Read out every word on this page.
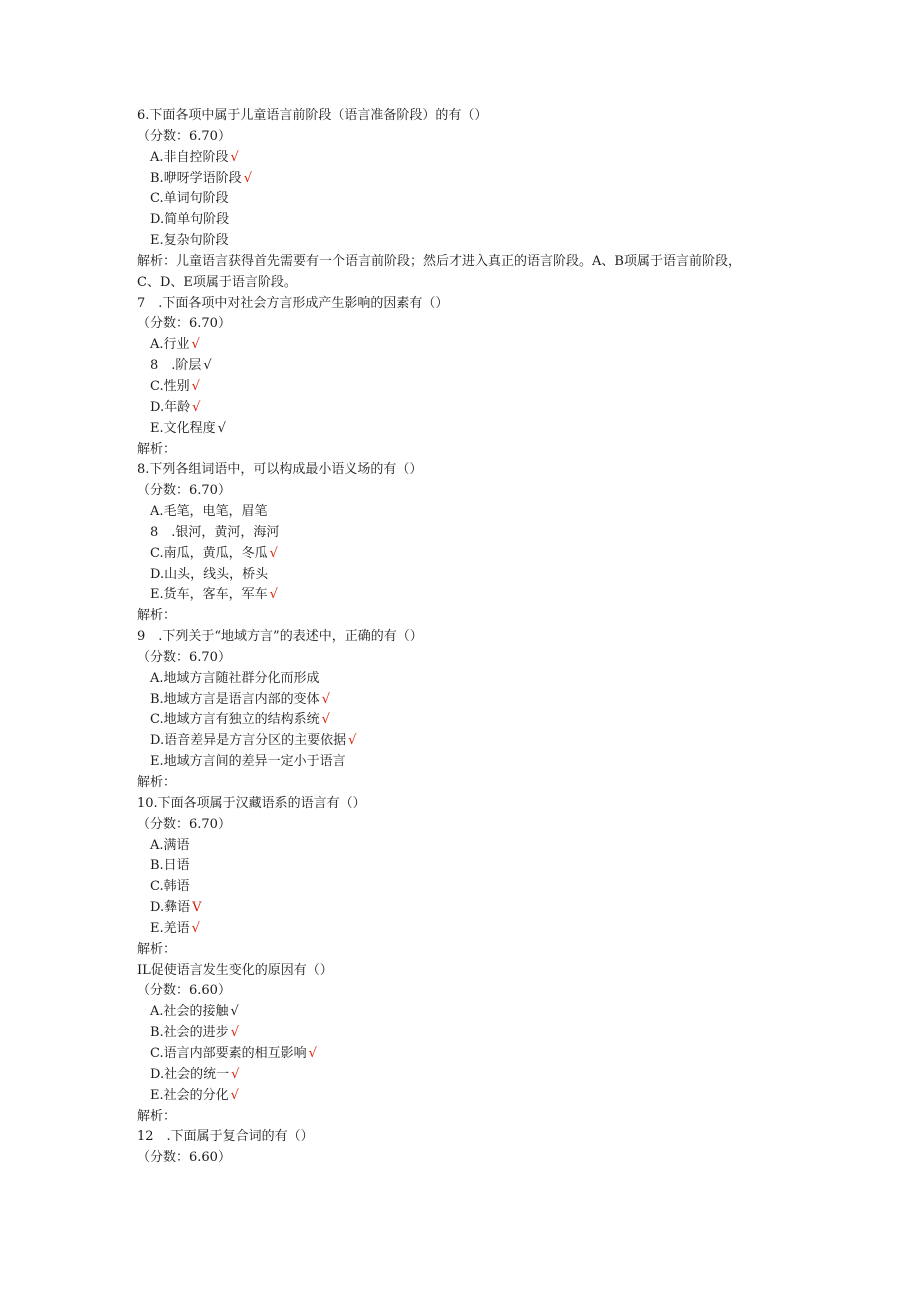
6.下面各项中属于儿童语言前阶段（语言准备阶段）的有（）
（分数：6.70）
A.非自控阶段 √
B.咿呀学语阶段 √
C.单词句阶段
D.简单句阶段
E.复杂句阶段
解析：儿童语言获得首先需要有一个语言前阶段；然后才进入真正的语言阶段。A、B项属于语言前阶段，
C、D、E项属于语言阶段。
7　.下面各项中对社会方言形成产生影响的因素有（）
（分数：6.70）
A.行业 √
8　.阶层 √
C.性别 √
D.年龄 √
E.文化程度 √
解析：
8.下列各组词语中，可以构成最小语义场的有（）
（分数：6.70）
A.毛笔，电笔，眉笔
8　.银河，黄河，海河
C.南瓜，黄瓜，冬瓜 √
D.山头，线头，桥头
E.货车，客车，军车 √
解析：
9　.下列关于“地域方言”的表述中，正确的有（）
（分数：6.70）
A.地域方言随社群分化而形成
B.地域方言是语言内部的变体 √
C.地域方言有独立的结构系统 √
D.语音差异是方言分区的主要依据 √
E.地域方言间的差异一定小于语言
解析：
10.下面各项属于汉藏语系的语言有（）
（分数：6.70）
A.满语
B.日语
C.韩语
D.彝语 V
E.羌语 √
解析：
IL促使语言发生变化的原因有（）
（分数：6.60）
A.社会的接触 √
B.社会的进步 √
C.语言内部要素的相互影响 √
D.社会的统一 √
E.社会的分化 √
解析：
12　.下面属于复合词的有（）
（分数：6.60）
